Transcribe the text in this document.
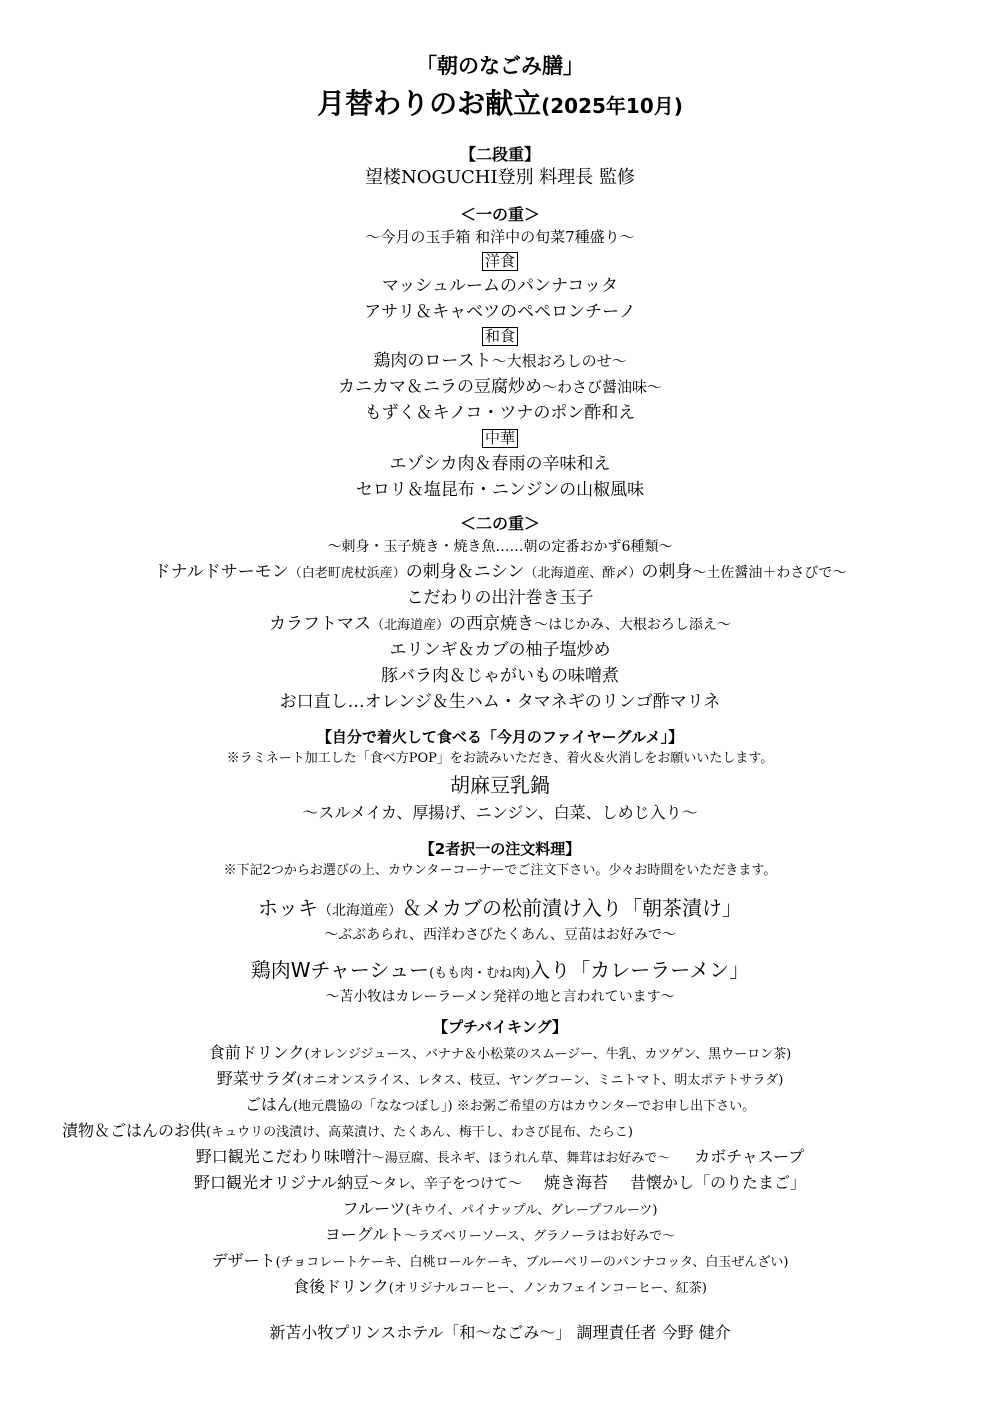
「朝のなごみ膳」
月替わりのお献立(2025年10月)
【二段重】
望楼NOGUCHI登別 料理長 監修
＜一の重＞
～今月の玉手箱 和洋中の旬菜7種盛り～
洋食
マッシュルームのパンナコッタ
アサリ＆キャベツのペペロンチーノ
和食
鶏肉のロースト～大根おろしのせ～
カニカマ＆ニラの豆腐炒め～わさび醤油味～
もずく＆キノコ・ツナのポン酢和え
中華
エゾシカ肉＆春雨の辛味和え
セロリ＆塩昆布・ニンジンの山椒風味
＜二の重＞
～刺身・玉子焼き・焼き魚……朝の定番おかず6種類～
ドナルドサーモン（白老町虎杖浜産）の刺身＆ニシン（北海道産、酢〆）の刺身～土佐醤油＋わさびで～
こだわりの出汁巻き玉子
カラフトマス（北海道産）の西京焼き～はじかみ、大根おろし添え～
エリンギ＆カブの柚子塩炒め
豚バラ肉＆じゃがいもの味噌煮
お口直し…オレンジ＆生ハム・タマネギのリンゴ酢マリネ
【自分で着火して食べる「今月のファイヤーグルメ」】
※ラミネート加工した「食べ方POP」をお読みいただき、着火＆火消しをお願いいたします。
胡麻豆乳鍋
～スルメイカ、厚揚げ、ニンジン、白菜、しめじ入り～
【2者択一の注文料理】
※下記2つからお選びの上、カウンターコーナーでご注文下さい。少々お時間をいただきます。
ホッキ（北海道産）＆メカブの松前漬け入り「朝茶漬け」
～ぶぶあられ、西洋わさびたくあん、豆苗はお好みで～
鶏肉Wチャーシュー(もも肉・むね肉)入り「カレーラーメン」
～苫小牧はカレーラーメン発祥の地と言われています～
【プチバイキング】
食前ドリンク(オレンジジュース、バナナ＆小松菜のスムージー、牛乳、カツゲン、黒ウーロン茶)
野菜サラダ(オニオンスライス、レタス、枝豆、ヤングコーン、ミニトマト、明太ポテトサラダ)
ごはん(地元農協の「ななつぼし」) ※お粥ご希望の方はカウンターでお申し出下さい。
漬物＆ごはんのお供(キュウリの浅漬け、高菜漬け、たくあん、梅干し、わさび昆布、たらこ)
野口観光こだわり味噌汁～湯豆腐、長ネギ、ほうれん草、舞茸はお好みで～ カボチャスープ
野口観光オリジナル納豆～タレ、辛子をつけて～ 焼き海苔 昔懐かし「のりたまご」
フルーツ(キウイ、パイナップル、グレープフルーツ)
ヨーグルト～ラズベリーソース、グラノーラはお好みで～
デザート(チョコレートケーキ、白桃ロールケーキ、ブルーベリーのパンナコッタ、白玉ぜんざい)
食後ドリンク(オリジナルコーヒー、ノンカフェインコーヒー、紅茶)
新苫小牧プリンスホテル「和～なごみ～」 調理責任者 今野 健介
